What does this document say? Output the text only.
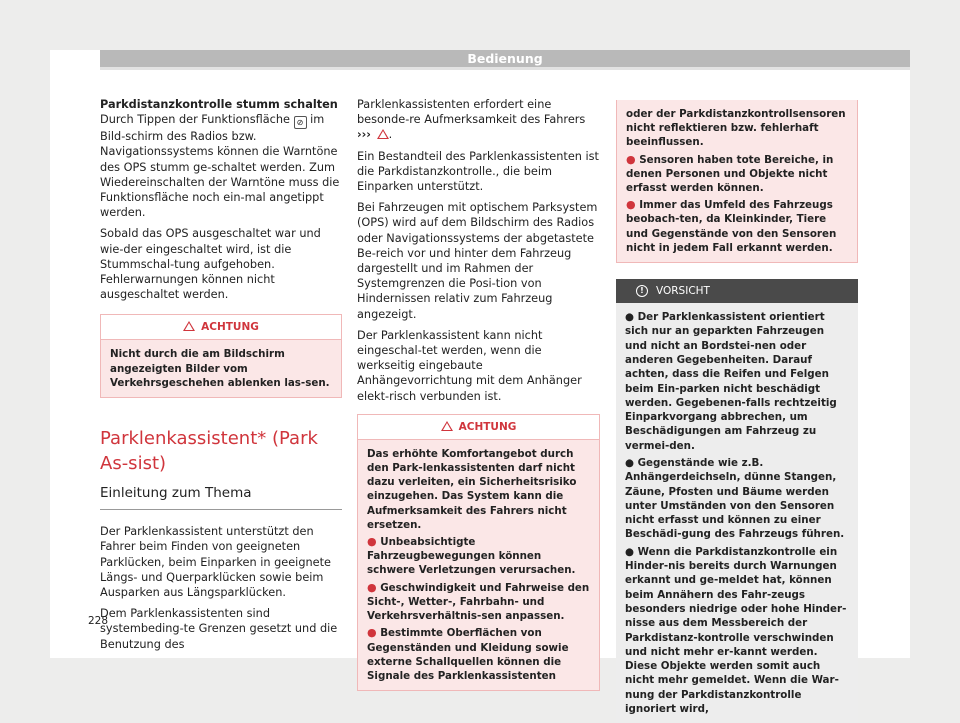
Bedienung
Parkdistanzkontrolle stumm schalten

Durch Tippen der Funktionsfläche ⊘ im Bild-schirm des Radios bzw. Navigationssystems können die Warntöne des OPS stumm ge-schaltet werden. Zum Wiedereinschalten der Warntöne muss die Funktionsfläche noch ein-mal angetippt werden.

Sobald das OPS ausgeschaltet war und wie-der eingeschaltet wird, ist die Stummschal-tung aufgehoben. Fehlerwarnungen können nicht ausgeschaltet werden.

ACHTUNG
Nicht durch die am Bildschirm angezeigten Bilder vom Verkehrsgeschehen ablenken las-sen.
Parklenkassistent* (Park As-sist)
Einleitung zum Thema

Der Parklenkassistent unterstützt den Fahrer beim Finden von geeigneten Parklücken, beim Einparken in geeignete Längs- und Querparklücken sowie beim Ausparken aus Längsparklücken.

Dem Parklenkassistenten sind systembeding-te Grenzen gesetzt und die Benutzung des

Parklenkassistenten erfordert eine besonde-re Aufmerksamkeit des Fahrers ››› .

Ein Bestandteil des Parklenkassistenten ist die Parkdistanzkontrolle., die beim Einparken unterstützt.

Bei Fahrzeugen mit optischem Parksystem (OPS) wird auf dem Bildschirm des Radios oder Navigationssystems der abgetastete Be-reich vor und hinter dem Fahrzeug dargestellt und im Rahmen der Systemgrenzen die Posi-tion von Hindernissen relativ zum Fahrzeug angezeigt.

Der Parklenkassistent kann nicht eingeschal-tet werden, wenn die werkseitig eingebaute Anhängevorrichtung mit dem Anhänger elekt-risch verbunden ist.

ACHTUNG

Das erhöhte Komfortangebot durch den Park-lenkassistenten darf nicht dazu verleiten, ein Sicherheitsrisiko einzugehen. Das System kann die Aufmerksamkeit des Fahrers nicht ersetzen.

● Unbeabsichtigte Fahrzeugbewegungen können schwere Verletzungen verursachen.

● Geschwindigkeit und Fahrweise den Sicht-, Wetter-, Fahrbahn- und Verkehrsverhältnis-sen anpassen.

● Bestimmte Oberflächen von Gegenständen und Kleidung sowie externe Schallquellen können die Signale des Parklenkassistenten

oder der Parkdistanzkontrollsensoren nicht reflektieren bzw. fehlerhaft beeinflussen.

● Sensoren haben tote Bereiche, in denen Personen und Objekte nicht erfasst werden können.

● Immer das Umfeld des Fahrzeugs beobach-ten, da Kleinkinder, Tiere und Gegenstände von den Sensoren nicht in jedem Fall erkannt werden.

!	VORSICHT

● Der Parklenkassistent orientiert sich nur an geparkten Fahrzeugen und nicht an Bordstei-nen oder anderen Gegebenheiten. Darauf achten, dass die Reifen und Felgen beim Ein-parken nicht beschädigt werden. Gegebenen-falls rechtzeitig Einparkvorgang abbrechen, um Beschädigungen am Fahrzeug zu vermei-den.

● Gegenstände wie z.B. Anhängerdeichseln, dünne Stangen, Zäune, Pfosten und Bäume werden unter Umständen von den Sensoren nicht erfasst und können zu einer Beschädi-gung des Fahrzeugs führen.

● Wenn die Parkdistanzkontrolle ein Hinder-nis bereits durch Warnungen erkannt und ge-meldet hat, können beim Annähern des Fahr-zeugs besonders niedrige oder hohe Hinder-nisse aus dem Messbereich der Parkdistanz-kontrolle verschwinden und nicht mehr er-kannt werden. Diese Objekte werden somit auch nicht mehr gemeldet. Wenn die War-nung der Parkdistanzkontrolle ignoriert wird,

228
